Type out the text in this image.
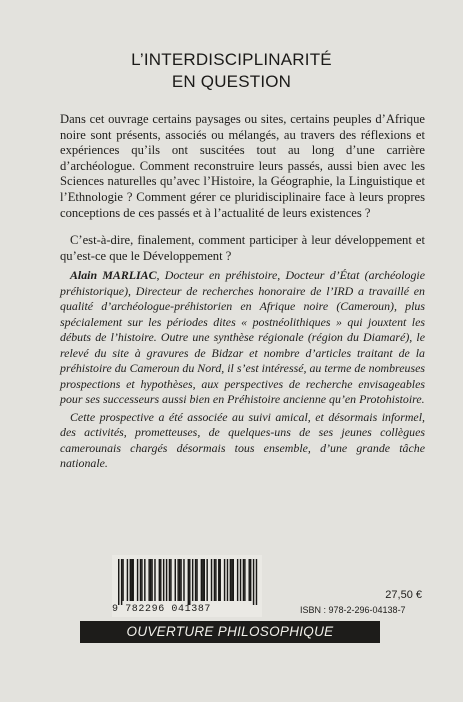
L’INTERDISCIPLINARITÉ
EN QUESTION

Dans cet ouvrage certains paysages ou sites, certains peuples d’Afrique noire sont présents, associés ou mélangés, au travers des réflexions et expériences qu’ils ont suscitées tout au long d’une carrière d’archéologue. Comment reconstruire leurs passés, aussi bien avec les Sciences naturelles qu’avec l’Histoire, la Géographie, la Linguistique et l’Ethnologie ? Comment gérer ce pluridisciplinaire face à leurs propres conceptions de ces passés et à l’actualité de leurs existences ?

C’est-à-dire, finalement, comment participer à leur développement et qu’est-ce que le Développement ?

Alain MARLIAC, Docteur en préhistoire, Docteur d’État (archéologie préhistorique), Directeur de recherches honoraire de l’IRD a travaillé en qualité d’archéologue-préhistorien en Afrique noire (Cameroun), plus spécialement sur les périodes dites « postnéolithiques » qui jouxtent les débuts de l’histoire. Outre une synthèse régionale (région du Diamaré), le relevé du site à gravures de Bidzar et nombre d’articles traitant de la préhistoire du Cameroun du Nord, il s’est intéressé, au terme de nombreuses prospections et hypothèses, aux perspectives de recherche envisageables pour ses successeurs aussi bien en Préhistoire ancienne qu’en Protohistoire.

Cette prospective a été associée au suivi amical, et désormais informel, des activités, prometteuses, de quelques-uns de ses jeunes collègues camerounais chargés désormais tous ensemble, d’une grande tâche nationale.

9 782296 041387
27,50 €
ISBN : 978-2-296-04138-7
OUVERTURE PHILOSOPHIQUE
